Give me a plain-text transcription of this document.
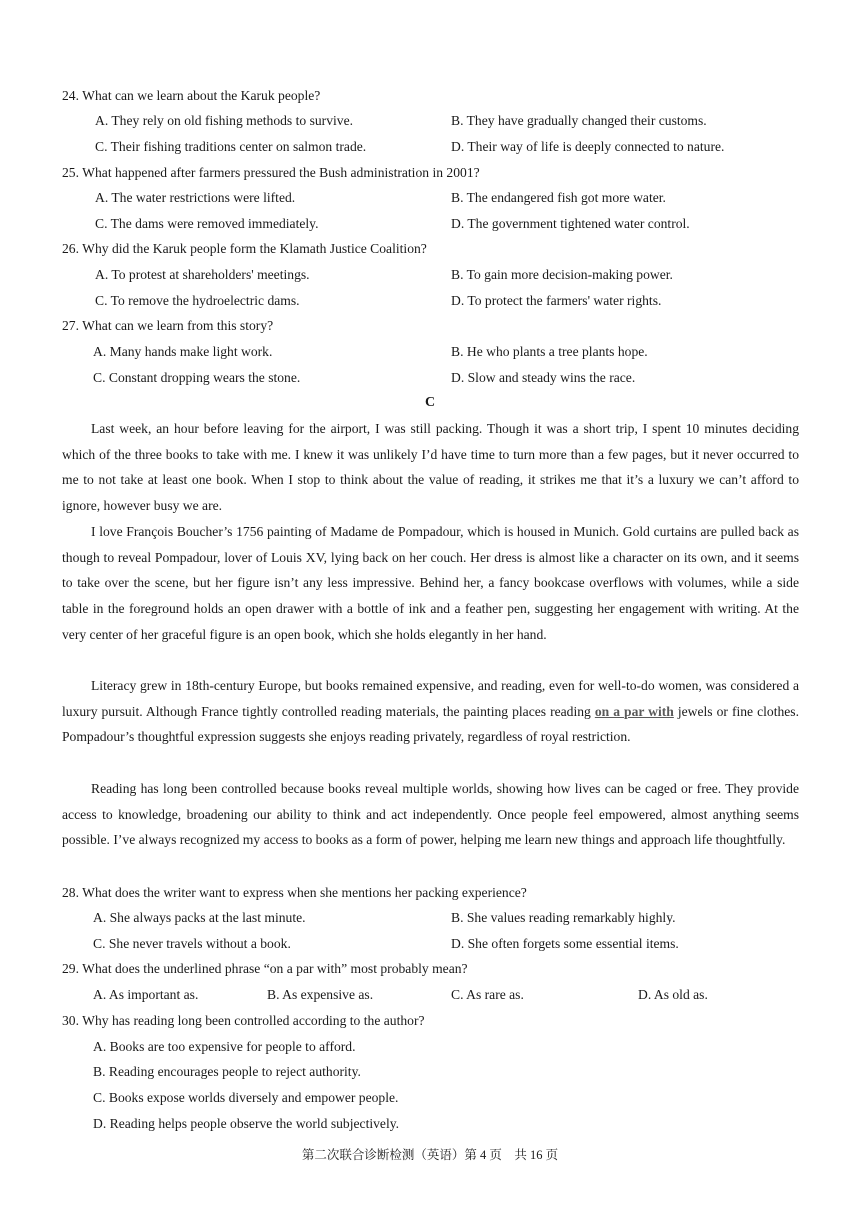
24. What can we learn about the Karuk people?
A. They rely on old fishing methods to survive.	B. They have gradually changed their customs.
C. Their fishing traditions center on salmon trade.	D. Their way of life is deeply connected to nature.
25. What happened after farmers pressured the Bush administration in 2001?
A. The water restrictions were lifted.	B. The endangered fish got more water.
C. The dams were removed immediately.	D. The government tightened water control.
26. Why did the Karuk people form the Klamath Justice Coalition?
A. To protest at shareholders' meetings.	B. To gain more decision-making power.
C. To remove the hydroelectric dams.	D. To protect the farmers' water rights.
27. What can we learn from this story?
A. Many hands make light work.	B. He who plants a tree plants hope.
C. Constant dropping wears the stone.	D. Slow and steady wins the race.
C

Last week, an hour before leaving for the airport, I was still packing. Though it was a short trip, I spent 10 minutes deciding which of the three books to take with me. I knew it was unlikely I’d have time to turn more than a few pages, but it never occurred to me to not take at least one book. When I stop to think about the value of reading, it strikes me that it’s a luxury we can’t afford to ignore, however busy we are.

I love François Boucher’s 1756 painting of Madame de Pompadour, which is housed in Munich. Gold curtains are pulled back as though to reveal Pompadour, lover of Louis XV, lying back on her couch. Her dress is almost like a character on its own, and it seems to take over the scene, but her figure isn’t any less impressive. Behind her, a fancy bookcase overflows with volumes, while a side table in the foreground holds an open drawer with a bottle of ink and a feather pen, suggesting her engagement with writing. At the very center of her graceful figure is an open book, which she holds elegantly in her hand.

Literacy grew in 18th-century Europe, but books remained expensive, and reading, even for well-to-do women, was considered a luxury pursuit. Although France tightly controlled reading materials, the painting places reading on a par with jewels or fine clothes. Pompadour’s thoughtful expression suggests she enjoys reading privately, regardless of royal restriction.

Reading has long been controlled because books reveal multiple worlds, showing how lives can be caged or free. They provide access to knowledge, broadening our ability to think and act independently. Once people feel empowered, almost anything seems possible. I’ve always recognized my access to books as a form of power, helping me learn new things and approach life thoughtfully.

28. What does the writer want to express when she mentions her packing experience?
A. She always packs at the last minute.	B. She values reading remarkably highly.
C. She never travels without a book.	D. She often forgets some essential items.
29. What does the underlined phrase “on a par with” most probably mean?
A. As important as.	B. As expensive as.	C. As rare as.	D. As old as.
30. Why has reading long been controlled according to the author?
A. Books are too expensive for people to afford.
B. Reading encourages people to reject authority.
C. Books expose worlds diversely and empower people.
D. Reading helps people observe the world subjectively.
第二次联合诊断检测（英语）第 4 页　共 16 页
